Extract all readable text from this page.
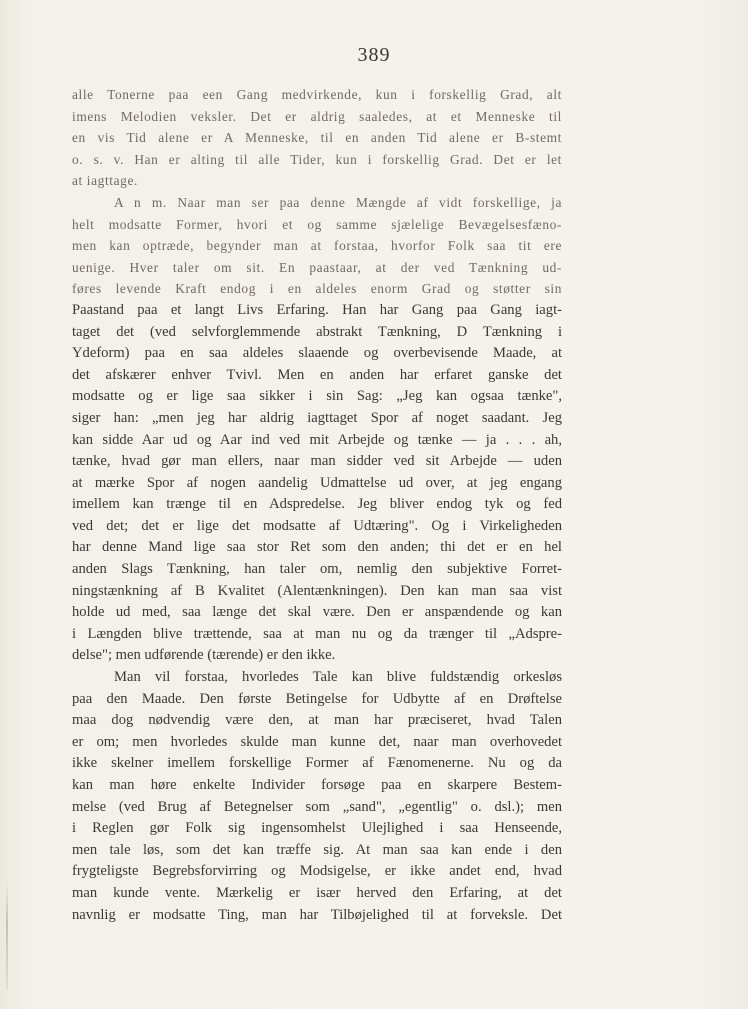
389
alle Tonerne paa een Gang medvirkende, kun i forskellig Grad, alt
imens Melodien veksler. Det er aldrig saaledes, at et Menneske til
en vis Tid alene er A Menneske, til en anden Tid alene er B-stemt
o. s. v. Han er alting til alle Tider, kun i forskellig Grad. Det er let
at iagttage.
A n m. Naar man ser paa denne Mængde af vidt forskellige, ja
helt modsatte Former, hvori et og samme sjælelige Bevægelsesfæno-
men kan optræde, begynder man at forstaa, hvorfor Folk saa tit ere
uenige. Hver taler om sit. En paastaar, at der ved Tænkning ud-
føres levende Kraft endog i en aldeles enorm Grad og støtter sin
Paastand paa et langt Livs Erfaring. Han har Gang paa Gang iagt-
taget det (ved selvforglemmende abstrakt Tænkning, D Tænkning i
Ydeform) paa en saa aldeles slaaende og overbevisende Maade, at
det afskærer enhver Tvivl. Men en anden har erfaret ganske det
modsatte og er lige saa sikker i sin Sag: „Jeg kan ogsaa tænke",
siger han: „men jeg har aldrig iagttaget Spor af noget saadant. Jeg
kan sidde Aar ud og Aar ind ved mit Arbejde og tænke — ja . . . ah,
tænke, hvad gør man ellers, naar man sidder ved sit Arbejde — uden
at mærke Spor af nogen aandelig Udmattelse ud over, at jeg engang
imellem kan trænge til en Adspredelse. Jeg bliver endog tyk og fed
ved det; det er lige det modsatte af Udtæring". Og i Virkeligheden
har denne Mand lige saa stor Ret som den anden; thi det er en hel
anden Slags Tænkning, han taler om, nemlig den subjektive Forret-
ningstænkning af B Kvalitet (Alentænkningen). Den kan man saa vist
holde ud med, saa længe det skal være. Den er anspændende og kan
i Længden blive trættende, saa at man nu og da trænger til „Adspre-
delse"; men udførende (tærende) er den ikke.
Man vil forstaa, hvorledes Tale kan blive fuldstændig orkesløs
paa den Maade. Den første Betingelse for Udbytte af en Drøftelse
maa dog nødvendig være den, at man har præciseret, hvad Talen
er om; men hvorledes skulde man kunne det, naar man overhovedet
ikke skelner imellem forskellige Former af Fænomenerne. Nu og da
kan man høre enkelte Individer forsøge paa en skarpere Bestem-
melse (ved Brug af Betegnelser som „sand", „egentlig" o. dsl.); men
i Reglen gør Folk sig ingensomhelst Ulejlighed i saa Henseende,
men tale løs, som det kan træffe sig. At man saa kan ende i den
frygteligste Begrebsforvirring og Modsigelse, er ikke andet end, hvad
man kunde vente. Mærkelig er især herved den Erfaring, at det
navnlig er modsatte Ting, man har Tilbøjelighed til at forveksle. Det
